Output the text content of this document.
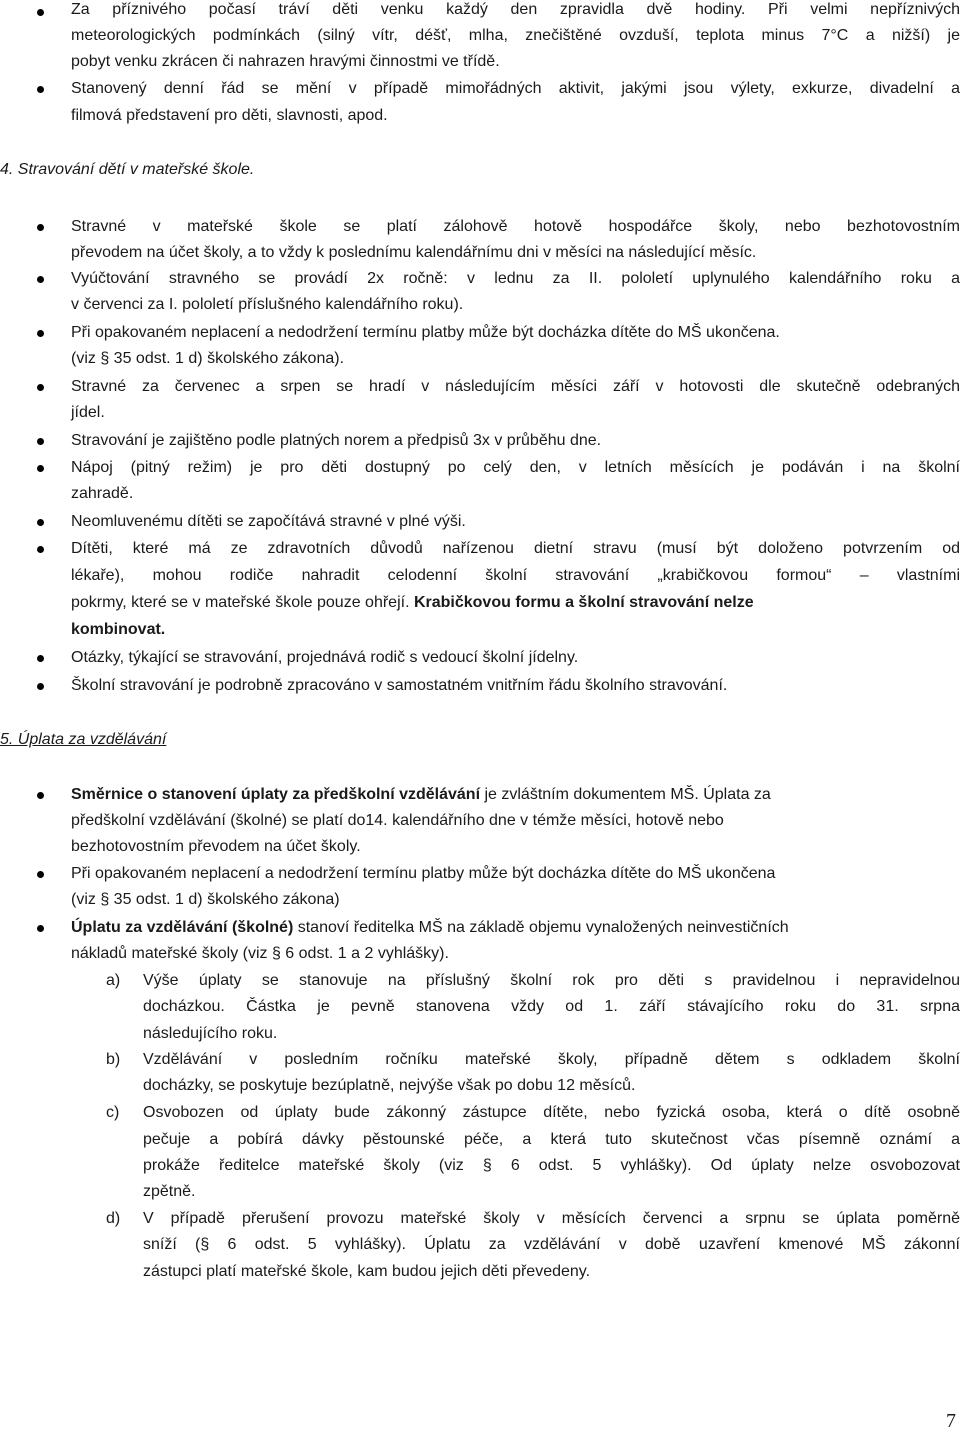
Za příznivého počasí tráví děti venku každý den zpravidla dvě hodiny. Při velmi nepříznivých
meteorologických podmínkách (silný vítr, déšť, mlha, znečištěné ovzduší, teplota minus 7°C a nižší) je
pobyt venku zkrácen či nahrazen hravými činnostmi ve třídě.
Stanovený denní řád se mění v případě mimořádných aktivit, jakými jsou výlety, exkurze, divadelní a
filmová představení pro děti, slavnosti, apod.
4. Stravování dětí v mateřské škole.
Stravné v mateřské škole se platí zálohově hotově hospodářce školy, nebo bezhotovostním
převodem na účet školy, a to vždy k poslednímu kalendářnímu dni v měsíci na následující měsíc.
Vyúčtování stravného se provádí 2x ročně: v lednu za II. pololetí uplynulého kalendářního roku a
v červenci za I. pololetí příslušného kalendářního roku).
Při opakovaném neplacení a nedodržení termínu platby může být docházka dítěte do MŠ ukončena.
(viz § 35 odst. 1 d) školského zákona).
Stravné za červenec a srpen se hradí v následujícím měsíci září v hotovosti dle skutečně odebraných
jídel.
Stravování je zajištěno podle platných norem a předpisů 3x v průběhu dne.
Nápoj (pitný režim) je pro děti dostupný po celý den, v letních měsících je podáván i na školní
zahradě.
Neomluvenému dítěti se započítává stravné v plné výši.
Dítěti, které má ze zdravotních důvodů nařízenou dietní stravu (musí být doloženo potvrzením od
lékaře), mohou rodiče nahradit celodenní školní stravování „krabičkovou formou“ – vlastními
pokrmy, které se v mateřské škole pouze ohřejí. Krabičkovou formu a školní stravování nelze
kombinovat.
Otázky, týkající se stravování, projednává rodič s vedoucí školní jídelny.
Školní stravování je podrobně zpracováno v samostatném vnitřním řádu školního stravování.
5. Úplata za vzdělávání
Směrnice o stanovení úplaty za předškolní vzdělávání je zvláštním dokumentem MŠ. Úplata za
předškolní vzdělávání (školné) se platí do14. kalendářního dne v témže měsíci, hotově nebo
bezhotovostním převodem na účet školy.
Při opakovaném neplacení a nedodržení termínu platby může být docházka dítěte do MŠ ukončena
(viz § 35 odst. 1 d) školského zákona)
Úplatu za vzdělávání (školné) stanoví ředitelka MŠ na základě objemu vynaložených neinvestičních
nákladů mateřské školy (viz § 6 odst. 1 a 2 vyhlášky).
a) Výše úplaty se stanovuje na příslušný školní rok pro děti s pravidelnou i nepravidelnou
docházkou. Částka je pevně stanovena vždy od 1. září stávajícího roku do 31. srpna
následujícího roku.
b) Vzdělávání v posledním ročníku mateřské školy, případně dětem s odkladem školní
docházky, se poskytuje bezúplatně, nejvýše však po dobu 12 měsíců.
c) Osvobozen od úplaty bude zákonný zástupce dítěte, nebo fyzická osoba, která o dítě osobně
pečuje a pobírá dávky pěstounské péče, a která tuto skutečnost včas písemně oznámí a
prokáže ředitelce mateřské školy (viz § 6 odst. 5 vyhlášky). Od úplaty nelze osvobozovat
zpětně.
d) V případě přerušení provozu mateřské školy v měsících červenci a srpnu se úplata poměrně
sníží (§ 6 odst. 5 vyhlášky). Úplatu za vzdělávání v době uzavření kmenové MŠ zákonní
zástupci platí mateřské škole, kam budou jejich děti převedeny.
7
